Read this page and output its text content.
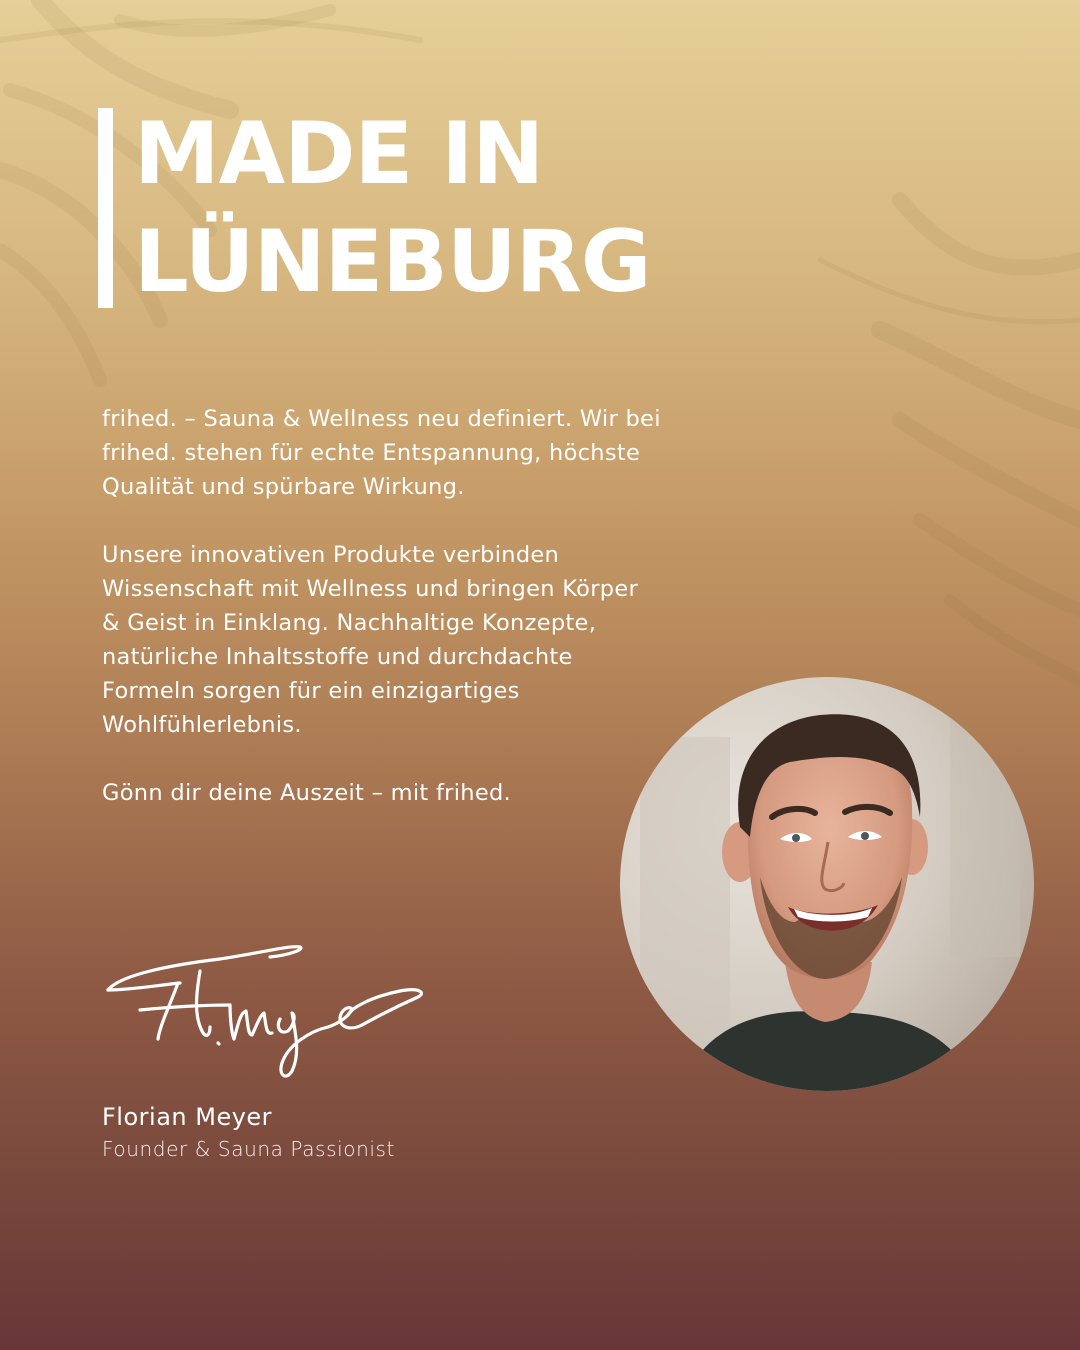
MADE IN
LÜNEBURG

frihed. – Sauna & Wellness neu definiert. Wir bei frihed. stehen für echte Entspannung, höchste Qualität und spürbare Wirkung.

Unsere innovativen Produkte verbinden Wissenschaft mit Wellness und bringen Körper & Geist in Einklang. Nachhaltige Konzepte, natürliche Inhaltsstoffe und durchdachte Formeln sorgen für ein einzigartiges Wohlfühlerlebnis.

Gönn dir deine Auszeit – mit frihed.

Florian Meyer
Founder & Sauna Passionist
